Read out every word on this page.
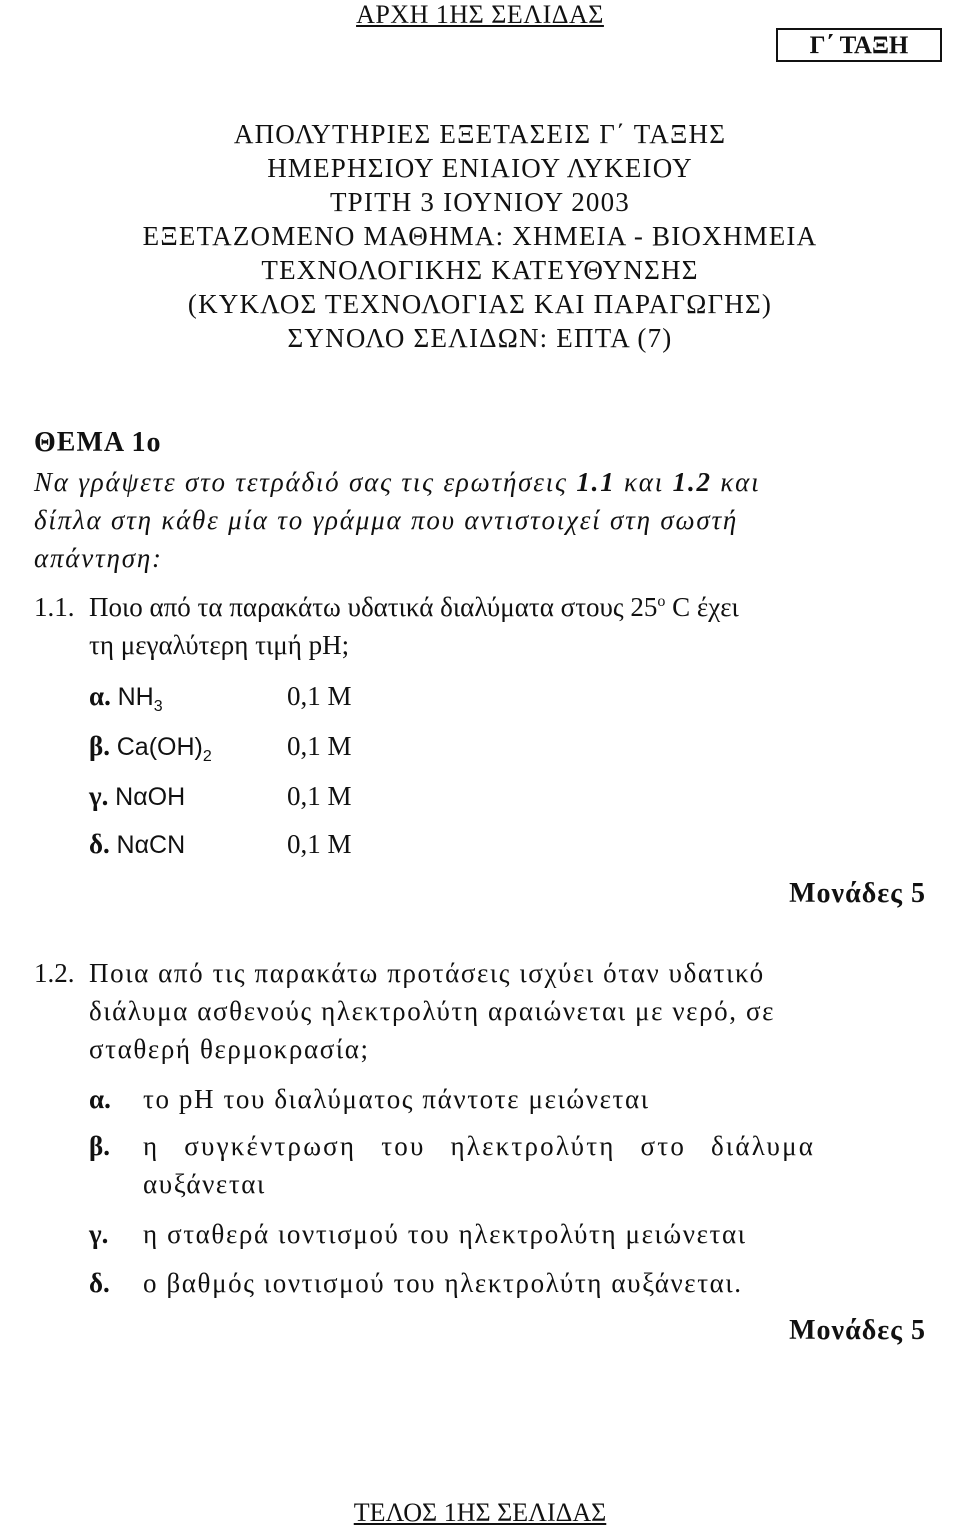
ΑΡΧΗ 1ΗΣ ΣΕΛΙΔΑΣ
Γ΄ ΤΑΞΗ
ΑΠΟΛΥΤΗΡΙΕΣ ΕΞΕΤΑΣΕΙΣ Γ΄ ΤΑΞΗΣ
ΗΜΕΡΗΣΙΟΥ ΕΝΙΑΙΟΥ ΛΥΚΕΙΟΥ
ΤΡΙΤΗ 3 ΙΟΥΝΙΟΥ 2003
ΕΞΕΤΑΖΟΜΕΝΟ ΜΑΘΗΜΑ: ΧΗΜΕΙΑ - ΒΙΟΧΗΜΕΙΑ
ΤΕΧΝΟΛΟΓΙΚΗΣ ΚΑΤΕΥΘΥΝΣΗΣ
(ΚΥΚΛΟΣ ΤΕΧΝΟΛΟΓΙΑΣ ΚΑΙ ΠΑΡΑΓΩΓΗΣ)
ΣΥΝΟΛΟ ΣΕΛΙΔΩΝ: ΕΠΤΑ (7)
ΘΕΜΑ 1ο
Να γράψετε στο τετράδιό σας τις ερωτήσεις 1.1 και 1.2 και
δίπλα στη κάθε μία το γράμμα που αντιστοιχεί στη σωστή
απάντηση:
1.1. Ποιο από τα παρακάτω υδατικά διαλύματα στους $25^o$ C έχει
τη μεγαλύτερη τιμή pH;
α. $NH_3$	0,1 M
β. $Ca(OH)_2$	0,1 M
γ. NαOH	0,1 M
δ. NαCN	0,1 M
Μονάδες 5
1.2. Ποια από τις παρακάτω προτάσεις ισχύει όταν υδατικό
διάλυμα ασθενούς ηλεκτρολύτη αραιώνεται με νερό, σε
σταθερή θερμοκρασία;
α. το pH του διαλύματος πάντοτε μειώνεται
β. η συγκέντρωση του ηλεκτρολύτη στο διάλυμα
αυξάνεται
γ. η σταθερά ιοντισμού του ηλεκτρολύτη μειώνεται
δ. ο βαθμός ιοντισμού του ηλεκτρολύτη αυξάνεται.
Μονάδες 5
ΤΕΛΟΣ 1ΗΣ ΣΕΛΙΔΑΣ
